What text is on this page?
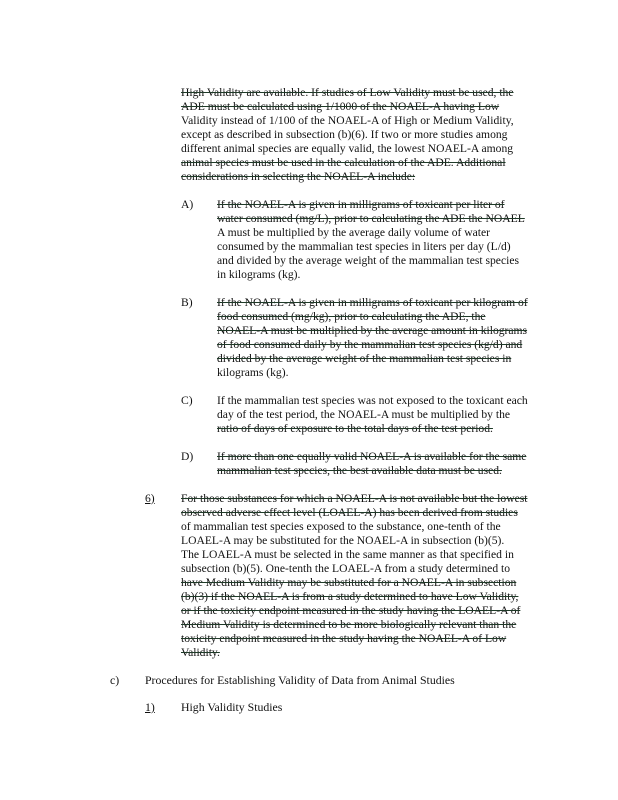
High Validity are available. If studies of Low Validity must be used, the
ADE must be calculated using 1/1000 of the NOAEL-A having Low
Validity instead of 1/100 of the NOAEL-A of High or Medium Validity,
except as described in subsection (b)(6). If two or more studies among
different animal species are equally valid, the lowest NOAEL-A among
animal species must be used in the calculation of the ADE. Additional
considerations in selecting the NOAEL-A include:
A) If the NOAEL-A is given in milligrams of toxicant per liter of
water consumed (mg/L), prior to calculating the ADE the NOAEL
A must be multiplied by the average daily volume of water
consumed by the mammalian test species in liters per day (L/d)
and divided by the average weight of the mammalian test species
in kilograms (kg).
B) If the NOAEL-A is given in milligrams of toxicant per kilogram of
food consumed (mg/kg), prior to calculating the ADE, the
NOAEL-A must be multiplied by the average amount in kilograms
of food consumed daily by the mammalian test species (kg/d) and
divided by the average weight of the mammalian test species in
kilograms (kg).
C) If the mammalian test species was not exposed to the toxicant each
day of the test period, the NOAEL-A must be multiplied by the
ratio of days of exposure to the total days of the test period.
D) If more than one equally valid NOAEL-A is available for the same
mammalian test species, the best available data must be used.
6) For those substances for which a NOAEL-A is not available but the lowest
observed adverse effect level (LOAEL-A) has been derived from studies
of mammalian test species exposed to the substance, one-tenth of the
LOAEL-A may be substituted for the NOAEL-A in subsection (b)(5).
The LOAEL-A must be selected in the same manner as that specified in
subsection (b)(5). One-tenth the LOAEL-A from a study determined to
have Medium Validity may be substituted for a NOAEL-A in subsection
(b)(3) if the NOAEL-A is from a study determined to have Low Validity,
or if the toxicity endpoint measured in the study having the LOAEL-A of
Medium Validity is determined to be more biologically relevant than the
toxicity endpoint measured in the study having the NOAEL-A of Low
Validity.
c) Procedures for Establishing Validity of Data from Animal Studies
1) High Validity Studies
